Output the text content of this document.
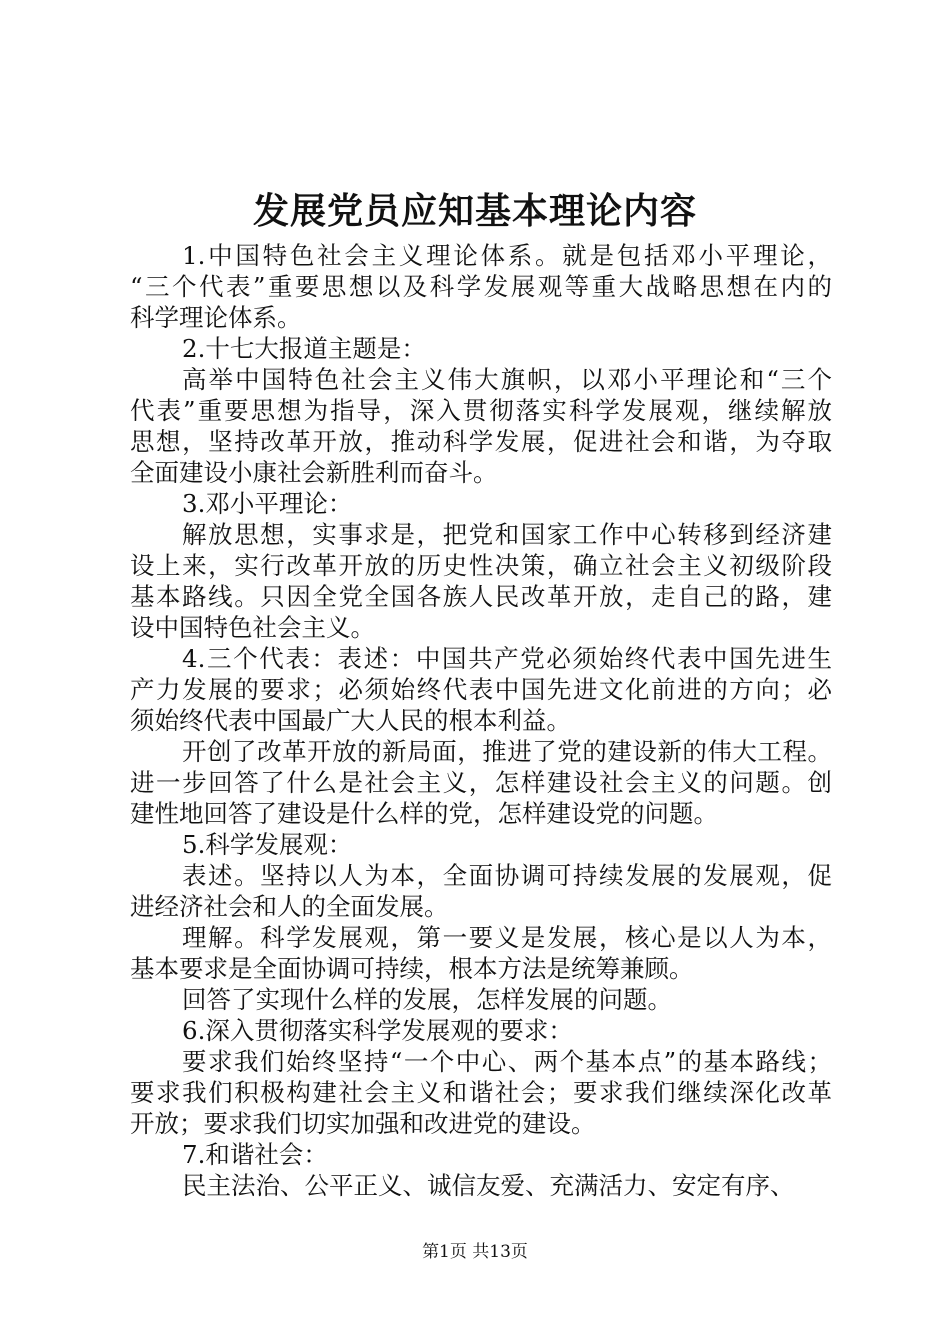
发展党员应知基本理论内容
1.中国特色社会主义理论体系。就是包括邓小平理论，
“三个代表”重要思想以及科学发展观等重大战略思想在内的
科学理论体系。
2.十七大报道主题是：
高举中国特色社会主义伟大旗帜，以邓小平理论和“三个
代表”重要思想为指导，深入贯彻落实科学发展观，继续解放
思想，坚持改革开放，推动科学发展，促进社会和谐，为夺取
全面建设小康社会新胜利而奋斗。
3.邓小平理论：
解放思想，实事求是，把党和国家工作中心转移到经济建
设上来，实行改革开放的历史性决策，确立社会主义初级阶段
基本路线。只因全党全国各族人民改革开放，走自己的路，建
设中国特色社会主义。
4.三个代表：表述：中国共产党必须始终代表中国先进生
产力发展的要求；必须始终代表中国先进文化前进的方向；必
须始终代表中国最广大人民的根本利益。
开创了改革开放的新局面，推进了党的建设新的伟大工程。
进一步回答了什么是社会主义，怎样建设社会主义的问题。创
建性地回答了建设是什么样的党，怎样建设党的问题。
5.科学发展观：
表述。坚持以人为本，全面协调可持续发展的发展观，促
进经济社会和人的全面发展。
理解。科学发展观，第一要义是发展，核心是以人为本，
基本要求是全面协调可持续，根本方法是统筹兼顾。
回答了实现什么样的发展，怎样发展的问题。
6.深入贯彻落实科学发展观的要求：
要求我们始终坚持“一个中心、两个基本点”的基本路线；
要求我们积极构建社会主义和谐社会；要求我们继续深化改革
开放；要求我们切实加强和改进党的建设。
7.和谐社会：
民主法治、公平正义、诚信友爱、充满活力、安定有序、
第1页 共13页
